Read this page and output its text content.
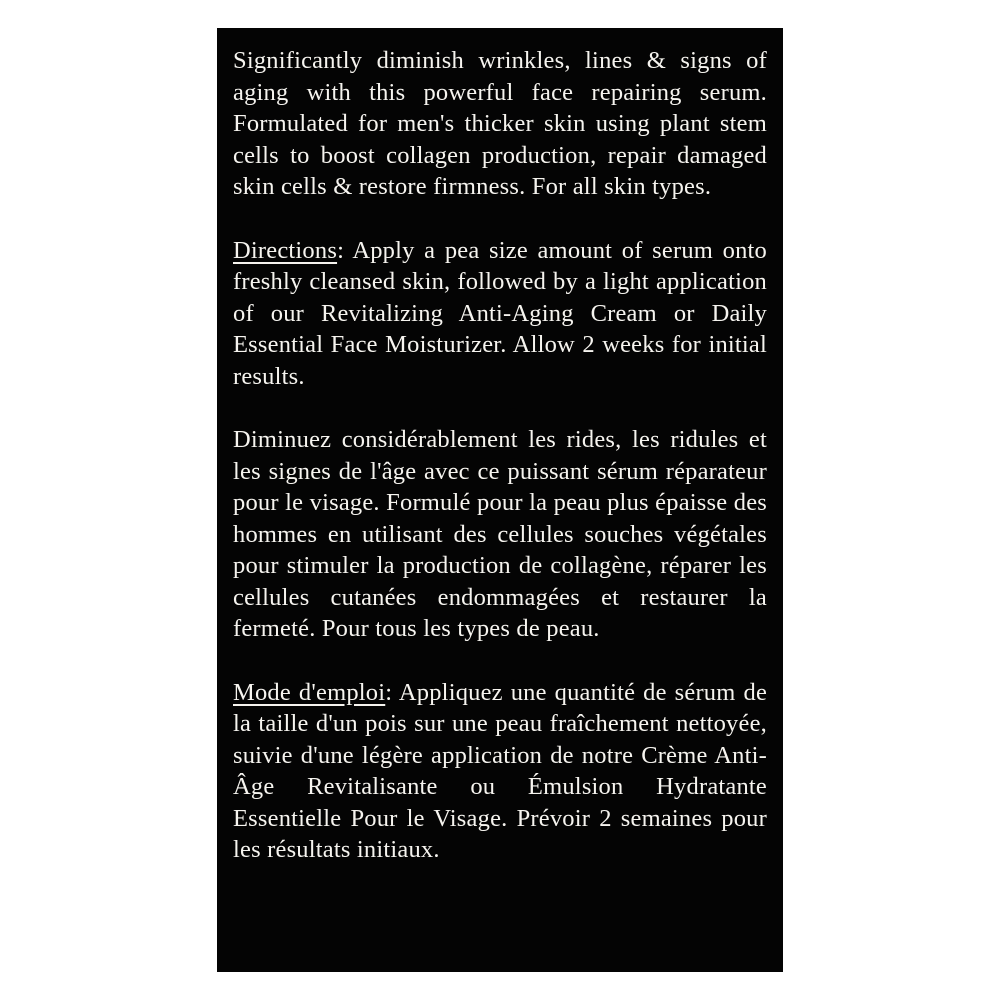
Significantly diminish wrinkles, lines & signs of aging with this powerful face repairing serum. Formulated for men's thicker skin using plant stem cells to boost collagen production, repair damaged skin cells & restore firmness. For all skin types.

Directions: Apply a pea size amount of serum onto freshly cleansed skin, followed by a light application of our Revitalizing Anti-Aging Cream or Daily Essential Face Moisturizer. Allow 2 weeks for initial results.

Diminuez considérablement les rides, les ridules et les signes de l'âge avec ce puissant sérum réparateur pour le visage. Formulé pour la peau plus épaisse des hommes en utilisant des cellules souches végétales pour stimuler la production de collagène, réparer les cellules cutanées endommagées et restaurer la fermeté. Pour tous les types de peau.

Mode d'emploi: Appliquez une quantité de sérum de la taille d'un pois sur une peau fraîchement nettoyée, suivie d'une légère application de notre Crème Anti-Âge Revitalisante ou Émulsion Hydratante Essentielle Pour le Visage. Prévoir 2 semaines pour les résultats initiaux.
